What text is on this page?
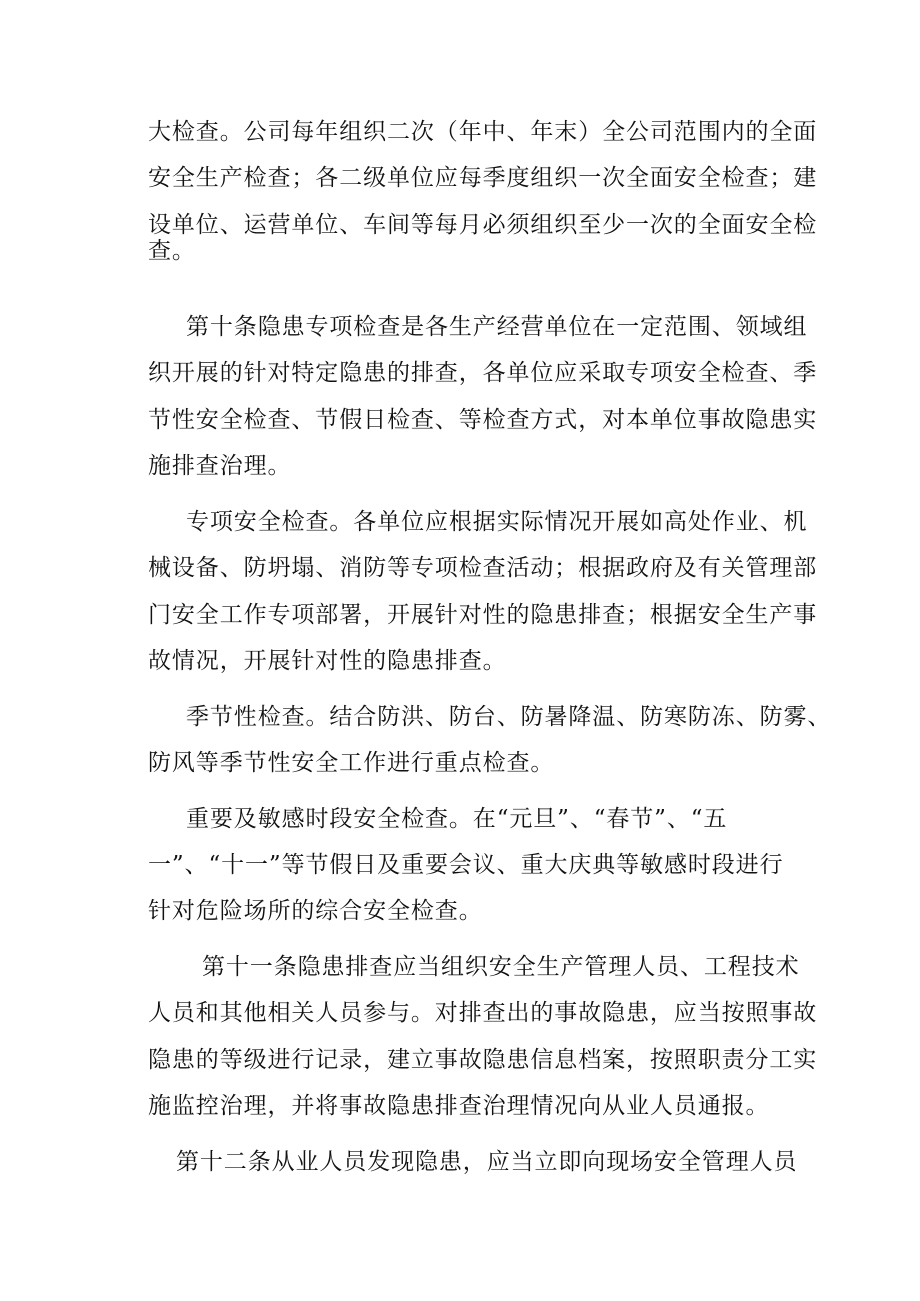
大检查。公司每年组织二次（年中、年末）全公司范围内的全面
安全生产检查；各二级单位应每季度组织一次全面安全检查；建
设单位、运营单位、车间等每月必须组织至少一次的全面安全检
查。
第十条隐患专项检查是各生产经营单位在一定范围、领域组
织开展的针对特定隐患的排查，各单位应采取专项安全检查、季
节性安全检查、节假日检查、等检查方式，对本单位事故隐患实
施排查治理。
专项安全检查。各单位应根据实际情况开展如高处作业、机
械设备、防坍塌、消防等专项检查活动；根据政府及有关管理部
门安全工作专项部署，开展针对性的隐患排查；根据安全生产事
故情况，开展针对性的隐患排查。
季节性检查。结合防洪、防台、防暑降温、防寒防冻、防雾、
防风等季节性安全工作进行重点检查。
重要及敏感时段安全检查。在“元旦”、“春节”、“五
一”、“十一”等节假日及重要会议、重大庆典等敏感时段进行
针对危险场所的综合安全检查。
第十一条隐患排查应当组织安全生产管理人员、工程技术
人员和其他相关人员参与。对排查出的事故隐患，应当按照事故
隐患的等级进行记录，建立事故隐患信息档案，按照职责分工实
施监控治理，并将事故隐患排查治理情况向从业人员通报。
第十二条从业人员发现隐患，应当立即向现场安全管理人员
